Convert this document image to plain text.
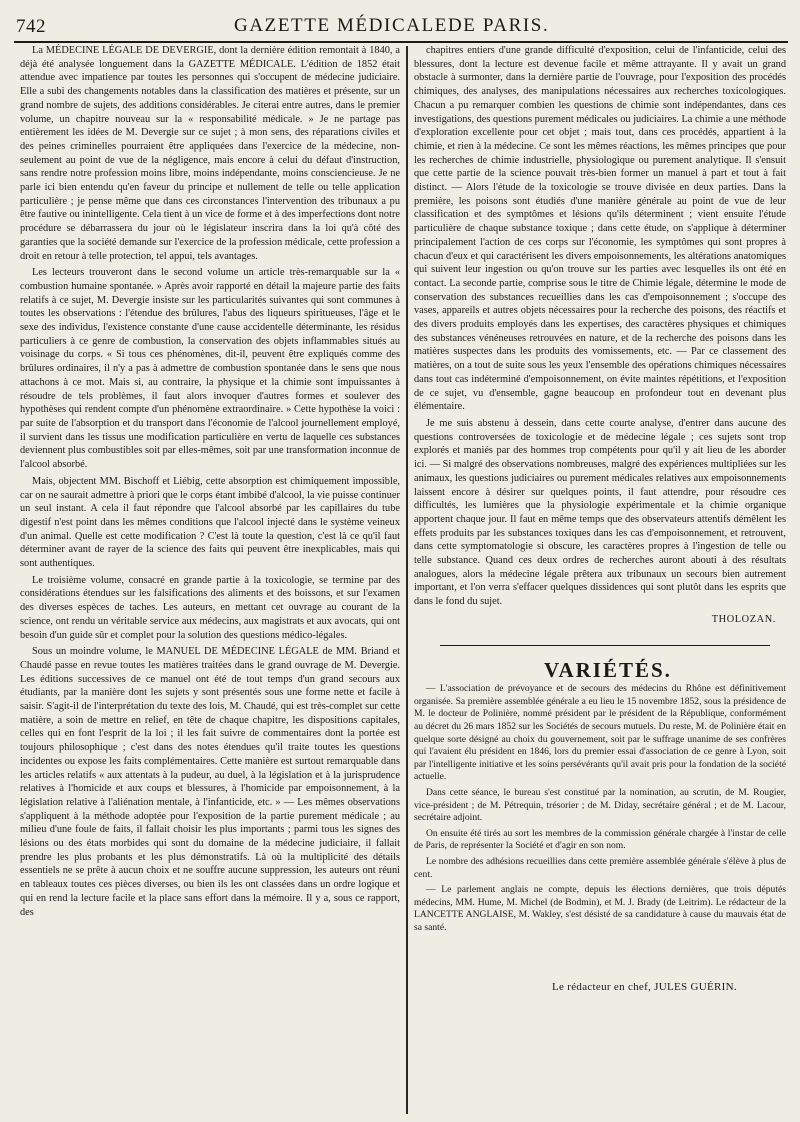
742	GAZETTE MÉDICALEDE PARIS.

La MÉDECINE LÉGALE DE DEVERGIE, dont la dernière édition remontait à 1840, a déjà été analysée longuement dans la GAZETTE MÉDICALE. L'édition de 1852 était attendue avec impatience par toutes les personnes qui s'occupent de médecine judiciaire. Elle a subi des changements notables dans la classification des matières et présente, sur un grand nombre de sujets, des additions considérables. Je citerai entre autres, dans le premier volume, un chapitre nouveau sur la « responsabilité médicale. » Je ne partage pas entièrement les idées de M. Devergie sur ce sujet ; à mon sens, des réparations civiles et des peines criminelles pourraient être appliquées dans l'exercice de la médecine, non-seulement au point de vue de la négligence, mais encore à celui du défaut d'instruction, sans rendre notre profession moins libre, moins indépendante, moins consciencieuse. Je ne parle ici bien entendu qu'en faveur du principe et nullement de telle ou telle application particulière ; je pense même que dans ces circonstances l'intervention des tribunaux a pu être fautive ou inintelligente. Cela tient à un vice de forme et à des imperfections dont notre procédure se débarrassera du jour où le législateur inscrira dans la loi qu'à côté des garanties que la société demande sur l'exercice de la profession médicale, cette profession a droit en retour à telle protection, tel appui, tels avantages.

Les lecteurs trouveront dans le second volume un article très-remarquable sur la « combustion humaine spontanée. » Après avoir rapporté en détail la majeure partie des faits relatifs à ce sujet, M. Devergie insiste sur les particularités suivantes qui sont communes à toutes les observations : l'étendue des brûlures, l'abus des liqueurs spiritueuses, l'âge et le sexe des individus, l'existence constante d'une cause accidentelle déterminante, les résidus particuliers à ce genre de combustion, la conservation des objets inflammables situés au voisinage du corps. « Si tous ces phénomènes, dit-il, peuvent être expliqués comme des brûlures ordinaires, il n'y a pas à admettre de combustion spontanée dans le sens que nous attachons à ce mot. Mais si, au contraire, la physique et la chimie sont impuissantes à résoudre de tels problèmes, il faut alors invoquer d'autres formes et soulever des hypothèses qui rendent compte d'un phénomène extraordinaire. » Cette hypothèse la voici : par suite de l'absorption et du transport dans l'économie de l'alcool journellement employé, il survient dans les tissus une modification particulière en vertu de laquelle ces substances deviennent plus combustibles soit par elles-mêmes, soit par une transformation inconnue de l'alcool absorbé.

Mais, objectent MM. Bischoff et Liébig, cette absorption est chimiquement impossible, car on ne saurait admettre à priori que le corps étant imbibé d'alcool, la vie puisse continuer un seul instant. A cela il faut répondre que l'alcool absorbé par les capillaires du tube digestif n'est point dans les mêmes conditions que l'alcool injecté dans le système veineux d'un animal. Quelle est cette modification ? C'est là toute la question, c'est là ce qu'il faut déterminer avant de rayer de la science des faits qui peuvent être inexplicables, mais qui sont authentiques.

Le troisième volume, consacré en grande partie à la toxicologie, se termine par des considérations étendues sur les falsifications des aliments et des boissons, et sur l'examen des diverses espèces de taches. Les auteurs, en mettant cet ouvrage au courant de la science, ont rendu un véritable service aux médecins, aux magistrats et aux avocats, qui ont besoin d'un guide sûr et complet pour la solution des questions médico-légales.

Sous un moindre volume, le MANUEL DE MÉDECINE LÉGALE de MM. Briand et Chaudé passe en revue toutes les matières traitées dans le grand ouvrage de M. Devergie. Les éditions successives de ce manuel ont été de tout temps d'un grand secours aux étudiants, par la manière dont les sujets y sont présentés sous une forme nette et facile à saisir. S'agit-il de l'interprétation du texte des lois, M. Chaudé, qui est très-complet sur cette matière, a soin de mettre en relief, en tête de chaque chapitre, les dispositions capitales, celles qui en font l'esprit de la loi ; il les fait suivre de commentaires dont la portée est toujours philosophique ; c'est dans des notes étendues qu'il traite toutes les questions incidentes ou expose les faits complémentaires. Cette manière est surtout remarquable dans les articles relatifs « aux attentats à la pudeur, au duel, à la législation et à la jurisprudence relatives à l'homicide et aux coups et blessures, à l'homicide par empoisonnement, à la législation relative à l'aliénation mentale, à l'infanticide, etc. » — Les mêmes observations s'appliquent à la méthode adoptée pour l'exposition de la partie purement médicale ; au milieu d'une foule de faits, il fallait choisir les plus importants ; parmi tous les signes des lésions ou des états morbides qui sont du domaine de la médecine judiciaire, il fallait prendre les plus probants et les plus démonstratifs. Là où la multiplicité des détails essentiels ne se prête à aucun choix et ne souffre aucune suppression, les auteurs ont réuni en tableaux toutes ces pièces diverses, ou bien ils les ont classées dans un ordre logique et qui en rend la lecture facile et la place sans effort dans la mémoire. Il y a, sous ce rapport, des

chapitres entiers d'une grande difficulté d'exposition, celui de l'infanticide, celui des blessures, dont la lecture est devenue facile et même attrayante. Il y avait un grand obstacle à surmonter, dans la dernière partie de l'ouvrage, pour l'exposition des procédés chimiques, des analyses, des manipulations nécessaires aux recherches toxicologiques. Chacun a pu remarquer combien les questions de chimie sont indépendantes, dans ces investigations, des questions purement médicales ou judiciaires. La chimie a une méthode d'exploration excellente pour cet objet ; mais tout, dans ces procédés, appartient à la chimie, et rien à la médecine. Ce sont les mêmes réactions, les mêmes principes que pour les recherches de chimie industrielle, physiologique ou purement analytique. Il s'ensuit que cette partie de la science pouvait très-bien former un manuel à part et tout à fait distinct. — Alors l'étude de la toxicologie se trouve divisée en deux parties. Dans la première, les poisons sont étudiés d'une manière générale au point de vue de leur classification et des symptômes et lésions qu'ils déterminent ; vient ensuite l'étude particulière de chaque substance toxique ; dans cette étude, on s'applique à déterminer principalement l'action de ces corps sur l'économie, les symptômes qui sont propres à chacun d'eux et qui caractérisent les divers empoisonnements, les altérations anatomiques qui suivent leur ingestion ou qu'on trouve sur les parties avec lesquelles ils ont été en contact. La seconde partie, comprise sous le titre de Chimie légale, détermine le mode de conservation des substances recueillies dans les cas d'empoisonnement ; s'occupe des vases, appareils et autres objets nécessaires pour la recherche des poisons, des réactifs et des divers produits employés dans les expertises, des caractères physiques et chimiques des substances vénéneuses retrouvées en nature, et de la recherche des poisons dans les matières suspectes dans les produits des vomissements, etc. — Par ce classement des matières, on a tout de suite sous les yeux l'ensemble des opérations chimiques nécessaires dans tout cas indéterminé d'empoisonnement, on évite maintes répétitions, et l'exposition de ce sujet, vu d'ensemble, gagne beaucoup en profondeur tout en devenant plus élémentaire.

Je me suis abstenu à dessein, dans cette courte analyse, d'entrer dans aucune des questions controversées de toxicologie et de médecine légale ; ces sujets sont trop explorés et maniés par des hommes trop compétents pour qu'il y ait lieu de les aborder ici. — Si malgré des observations nombreuses, malgré des expériences multipliées sur les animaux, les questions judiciaires ou purement médicales relatives aux empoisonnements laissent encore à désirer sur quelques points, il faut attendre, pour résoudre ces difficultés, les lumières que la physiologie expérimentale et la chimie organique apportent chaque jour. Il faut en même temps que des observateurs attentifs démêlent les effets produits par les substances toxiques dans les cas d'empoisonnement, et retrouvent, dans cette symptomatologie si obscure, les caractères propres à l'ingestion de telle ou telle substance. Quand ces deux ordres de recherches auront abouti à des résultats analogues, alors la médecine légale prêtera aux tribunaux un secours bien autrement important, et l'on verra s'effacer quelques dissidences qui sont plutôt dans les esprits que dans le fond du sujet.

THOLOZAN.
VARIÉTÉS.

— L'association de prévoyance et de secours des médecins du Rhône est définitivement organisée. Sa première assemblée générale a eu lieu le 15 novembre 1852, sous la présidence de M. le docteur de Polinière, nommé président par le président de la République, conformément au décret du 26 mars 1852 sur les Sociétés de secours mutuels. Du reste, M. de Polinière était en quelque sorte désigné au choix du gouvernement, soit par le suffrage unanime de ses confrères qui l'avaient élu président en 1846, lors du premier essai d'association de ce genre à Lyon, soit par l'intelligente initiative et les soins persévérants qu'il avait pris pour la fondation de la société actuelle.

Dans cette séance, le bureau s'est constitué par la nomination, au scrutin, de M. Rougier, vice-président ; de M. Pétrequin, trésorier ; de M. Diday, secrétaire général ; et de M. Lacour, secrétaire adjoint.

On ensuite été tirés au sort les membres de la commission générale chargée à l'instar de celle de Paris, de représenter la Société et d'agir en son nom.

Le nombre des adhésions recueillies dans cette première assemblée générale s'élève à plus de cent.

— Le parlement anglais ne compte, depuis les élections dernières, que trois députés médecins, MM. Hume, M. Michel (de Bodmin), et M. J. Brady (de Leitrim). Le rédacteur de la LANCETTE ANGLAISE, M. Wakley, s'est désisté de sa candidature à cause du mauvais état de sa santé.

Le rédacteur en chef, JULES GUÉRIN.
